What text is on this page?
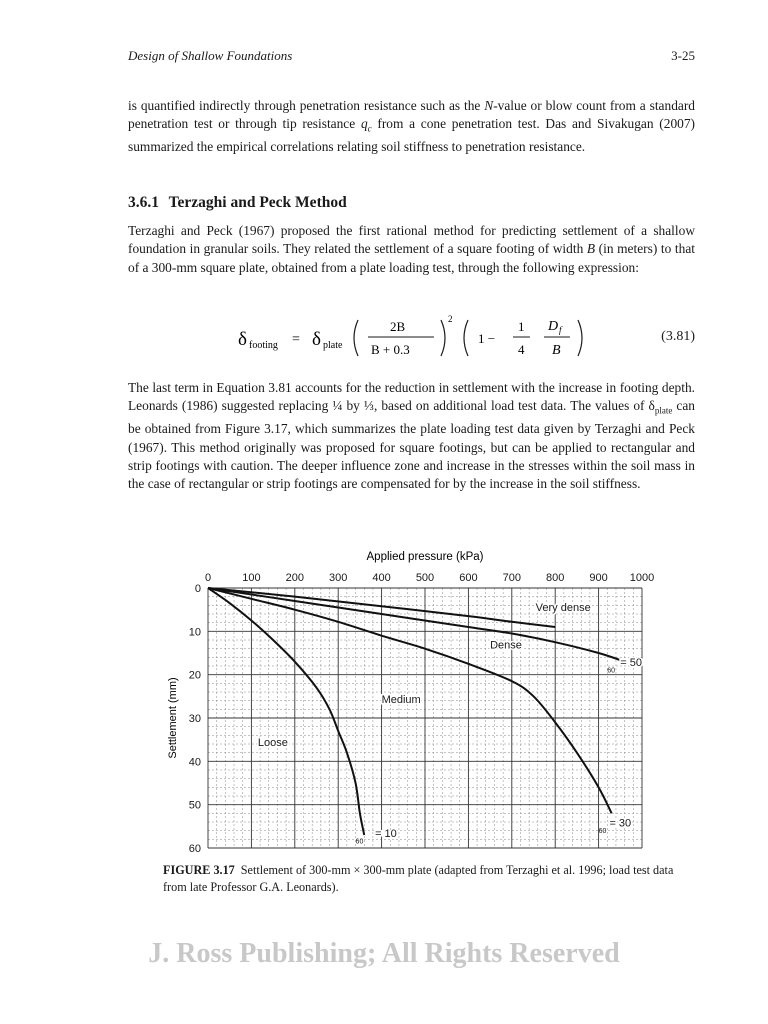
Design of Shallow Foundations	3-25

is quantified indirectly through penetration resistance such as the N-value or blow count from a standard penetration test or through tip resistance $q_c$ from a cone penetration test. Das and Sivakugan (2007) summarized the empirical correlations relating soil stiffness to penetration resistance.

3.6.1 Terzaghi and Peck Method

Terzaghi and Peck (1967) proposed the first rational method for predicting settlement of a shallow foundation in granular soils. They related the settlement of a square footing of width B (in meters) to that of a 300-mm square plate, obtained from a plate loading test, through the following expression:

δ footing = δ plate
2B
B + 0.3
2
1 −
1
4
D f
B
(3.81)

The last term in Equation 3.81 accounts for the reduction in settlement with the increase in footing depth. Leonards (1986) suggested replacing ¼ by ⅓, based on additional load test data. The values of $\delta_{plate}$ can be obtained from Figure 3.17, which summarizes the plate loading test data given by Terzaghi and Peck (1967). This method originally was proposed for square footings, but can be applied to rectangular and strip footings with caution. The deeper influence zone and increase in the stresses within the soil mass in the case of rectangular or strip footings are compensated for by the increase in the soil stiffness.

0	100 200 300 400 500 600 700 800 900 1000
0
10
20
30
40
50
60
Loose
Medium
Dense
Very dense
= 50
= 30
= 10
60
60
60
Applied pressure (kPa)
Settlement (mm)
FIGURE 3.17 Settlement of 300-mm × 300-mm plate (adapted from Terzaghi et al. 1996; load test data from late Professor G.A. Leonards).
J. Ross Publishing; All Rights Reserved
